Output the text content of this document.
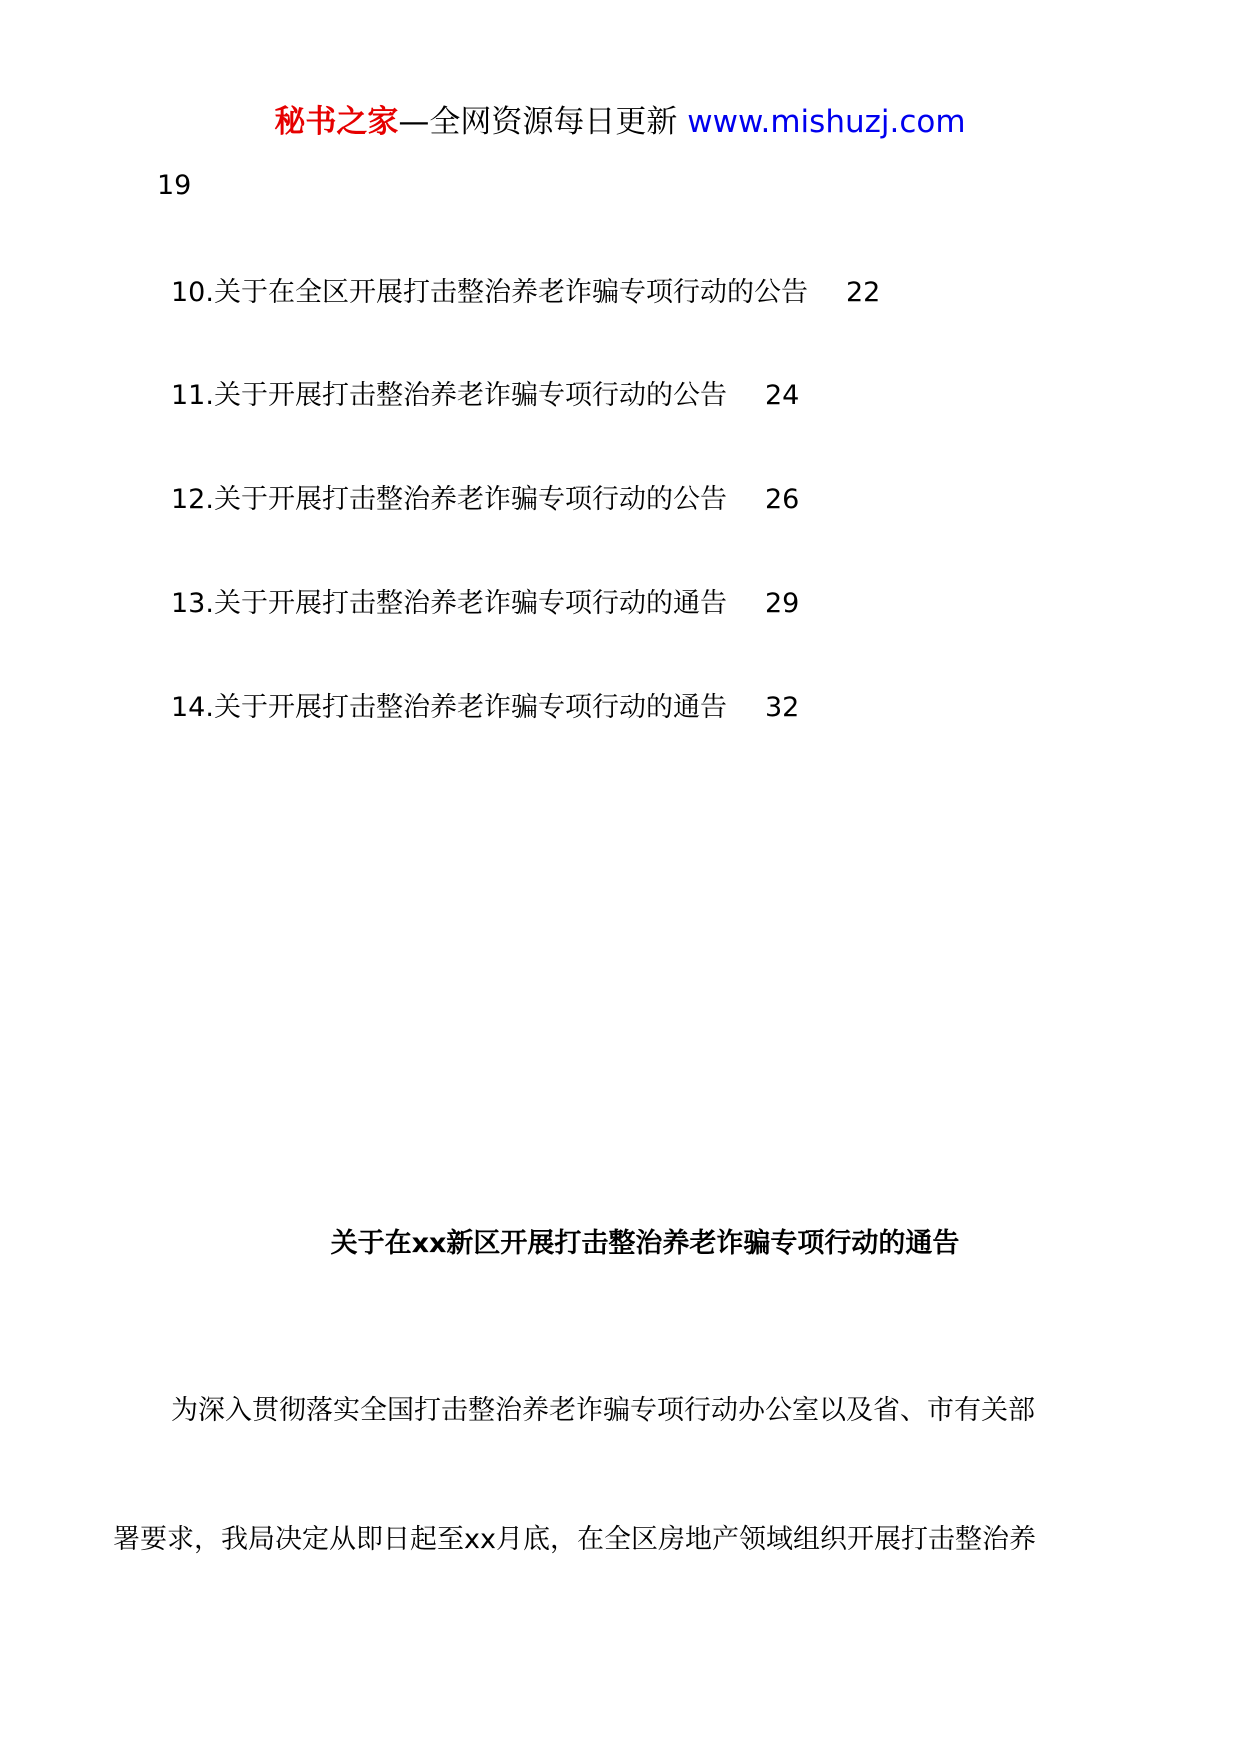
秘书之家—全网资源每日更新 www.mishuzj.com
19
10.关于在全区开展打击整治养老诈骗专项行动的公告 22
11.关于开展打击整治养老诈骗专项行动的公告 24
12.关于开展打击整治养老诈骗专项行动的公告 26
13.关于开展打击整治养老诈骗专项行动的通告 29
14.关于开展打击整治养老诈骗专项行动的通告 32
关于在xx新区开展打击整治养老诈骗专项行动的通告
为深入贯彻落实全国打击整治养老诈骗专项行动办公室以及省、市有关部
署要求，我局决定从即日起至xx月底，在全区房地产领域组织开展打击整治养
